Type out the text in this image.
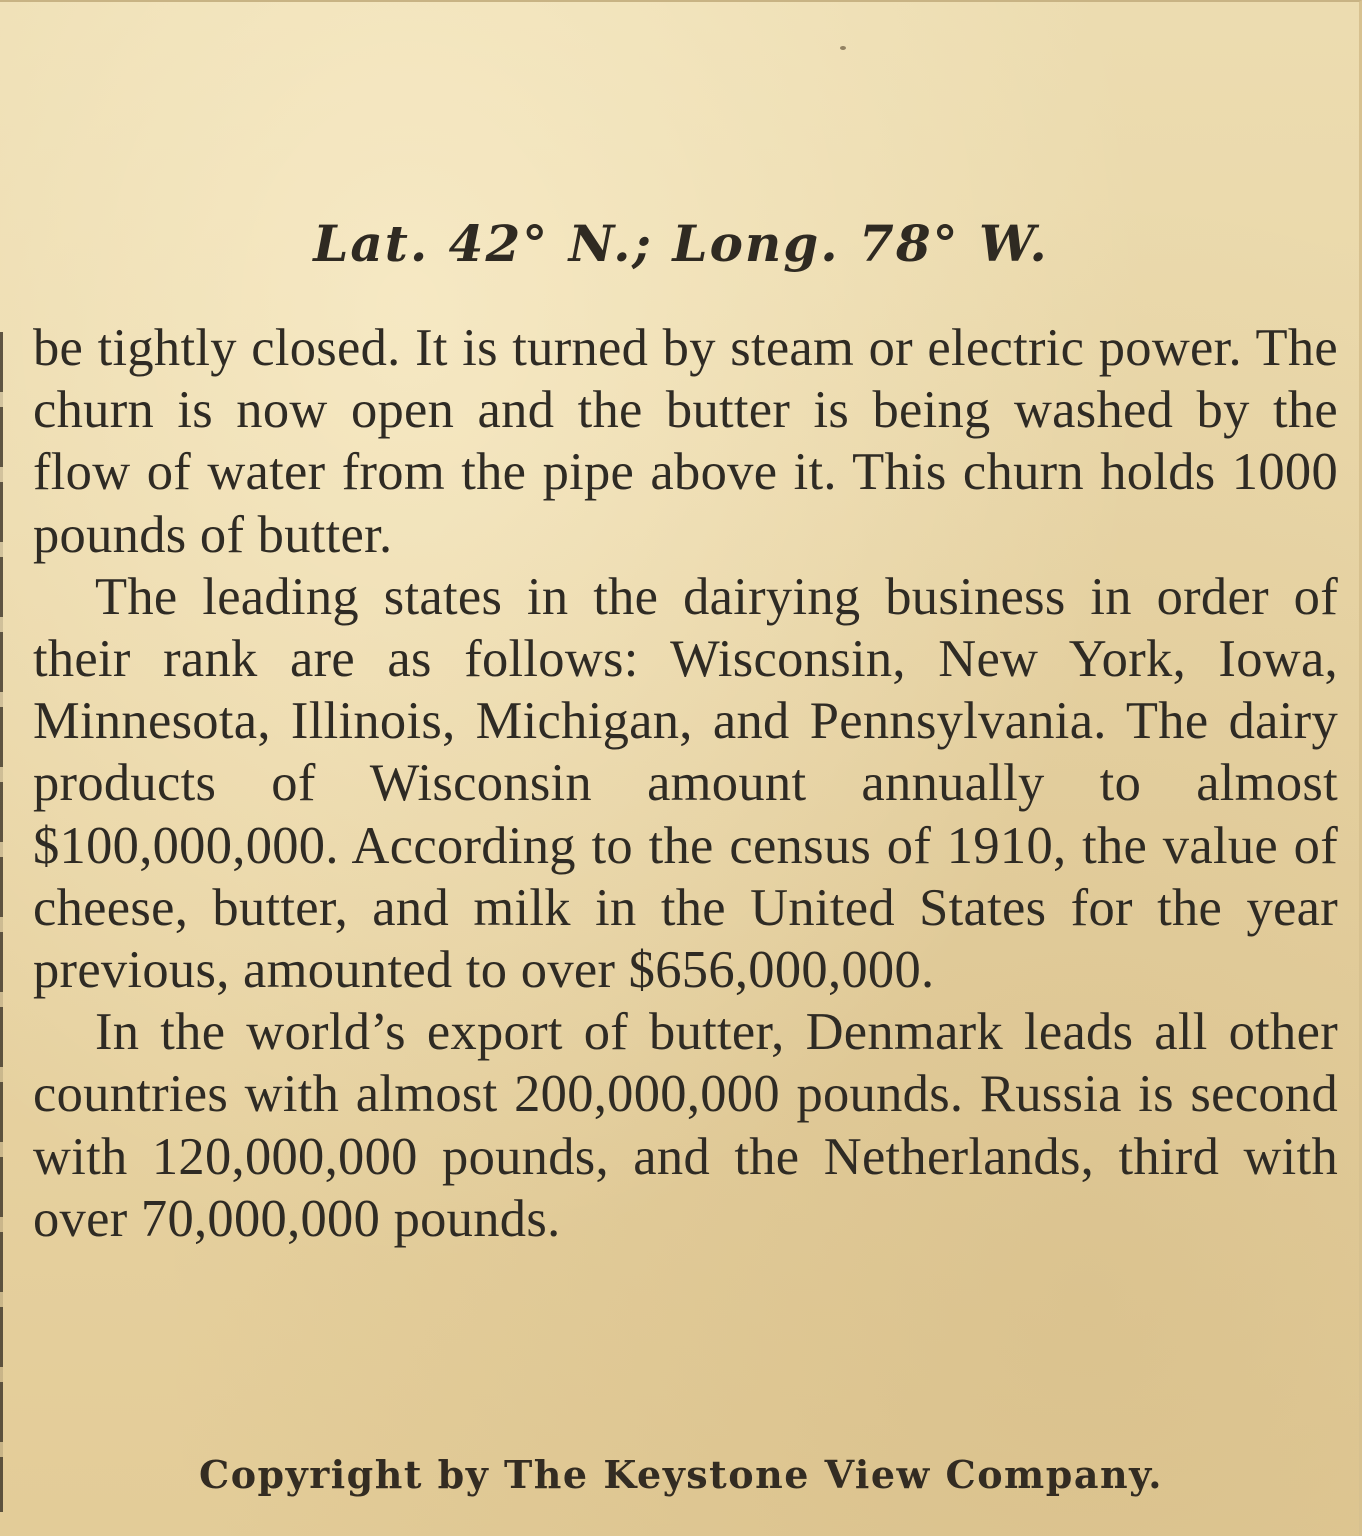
Lat. 42° N.; Long. 78° W.

be tightly closed. It is turned by steam or electric power. The churn is now open and the butter is being washed by the flow of water from the pipe above it. This churn holds 1000 pounds of butter.

The leading states in the dairying business in order of their rank are as follows: Wisconsin, New York, Iowa, Minnesota, Illinois, Michigan, and Pennsylvania. The dairy products of Wisconsin amount annually to almost $100,000,000. According to the census of 1910, the value of cheese, butter, and milk in the United States for the year previous, amounted to over $656,000,000.

In the world’s export of butter, Denmark leads all other countries with almost 200,000,000 pounds. Russia is second with 120,000,000 pounds, and the Netherlands, third with over 70,000,000 pounds.

Copyright by The Keystone View Company.
